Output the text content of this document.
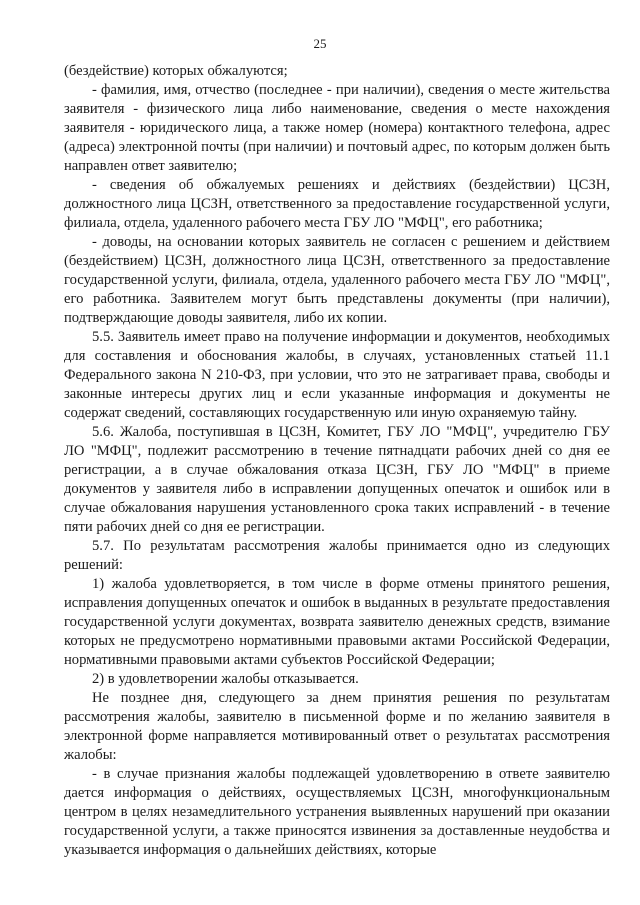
25

(бездействие) которых обжалуются;

- фамилия, имя, отчество (последнее - при наличии), сведения о месте жительства заявителя - физического лица либо наименование, сведения о месте нахождения заявителя - юридического лица, а также номер (номера) контактного телефона, адрес (адреса) электронной почты (при наличии) и почтовый адрес, по которым должен быть направлен ответ заявителю;

- сведения об обжалуемых решениях и действиях (бездействии) ЦСЗН, должностного лица ЦСЗН, ответственного за предоставление государственной услуги, филиала, отдела, удаленного рабочего места ГБУ ЛО "МФЦ", его работника;

- доводы, на основании которых заявитель не согласен с решением и действием (бездействием) ЦСЗН, должностного лица ЦСЗН, ответственного за предоставление государственной услуги, филиала, отдела, удаленного рабочего места ГБУ ЛО "МФЦ", его работника. Заявителем могут быть представлены документы (при наличии), подтверждающие доводы заявителя, либо их копии.

5.5. Заявитель имеет право на получение информации и документов, необходимых для составления и обоснования жалобы, в случаях, установленных статьей 11.1 Федерального закона N 210-ФЗ, при условии, что это не затрагивает права, свободы и законные интересы других лиц и если указанные информация и документы не содержат сведений, составляющих государственную или иную охраняемую тайну.

5.6. Жалоба, поступившая в ЦСЗН, Комитет, ГБУ ЛО "МФЦ", учредителю ГБУ ЛО "МФЦ", подлежит рассмотрению в течение пятнадцати рабочих дней со дня ее регистрации, а в случае обжалования отказа ЦСЗН, ГБУ ЛО "МФЦ" в приеме документов у заявителя либо в исправлении допущенных опечаток и ошибок или в случае обжалования нарушения установленного срока таких исправлений - в течение пяти рабочих дней со дня ее регистрации.

5.7. По результатам рассмотрения жалобы принимается одно из следующих решений:

1) жалоба удовлетворяется, в том числе в форме отмены принятого решения, исправления допущенных опечаток и ошибок в выданных в результате предоставления государственной услуги документах, возврата заявителю денежных средств, взимание которых не предусмотрено нормативными правовыми актами Российской Федерации, нормативными правовыми актами субъектов Российской Федерации;

2) в удовлетворении жалобы отказывается.

Не позднее дня, следующего за днем принятия решения по результатам рассмотрения жалобы, заявителю в письменной форме и по желанию заявителя в электронной форме направляется мотивированный ответ о результатах рассмотрения жалобы:

- в случае признания жалобы подлежащей удовлетворению в ответе заявителю дается информация о действиях, осуществляемых ЦСЗН, многофункциональным центром в целях незамедлительного устранения выявленных нарушений при оказании государственной услуги, а также приносятся извинения за доставленные неудобства и указывается информация о дальнейших действиях, которые
